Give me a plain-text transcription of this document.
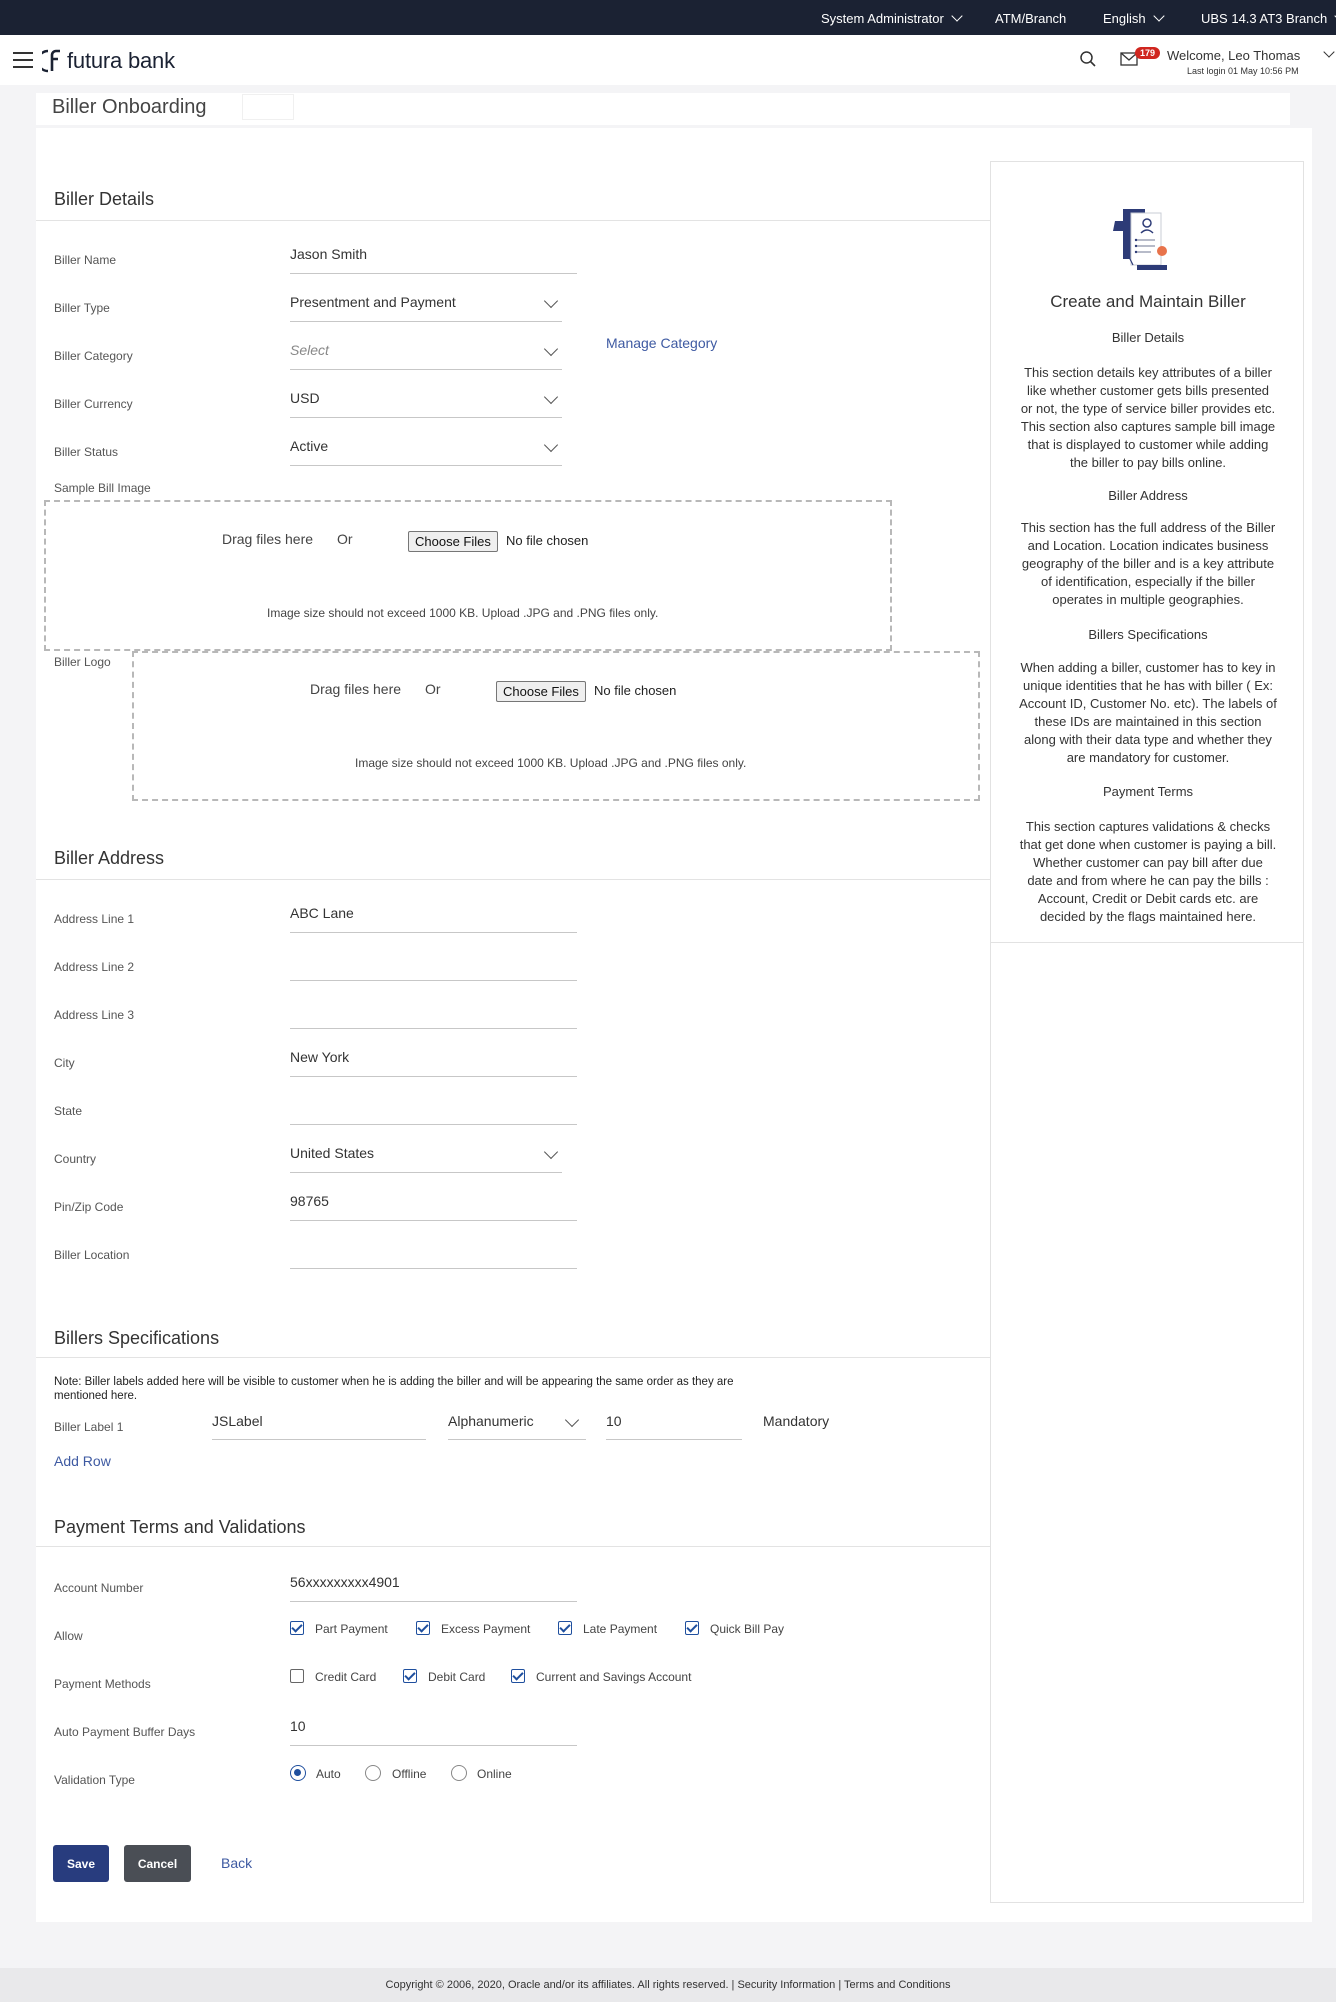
System Administrator	ATM/Branch	English	UBS 14.3 AT3 Branch
futura bank	179 Welcome, Leo Thomas
Last login 01 May 10:56 PM
Biller Onboarding
Biller Details
Biller Name	Jason Smith
Biller Type	Presentment and Payment
Biller Category	Select	Manage Category
Biller Currency	USD
Biller Status	Active
Sample Bill Image
Drag files here Or	Choose Files	No file chosen
Image size should not exceed 1000 KB. Upload .JPG and .PNG files only.
Biller Logo
Drag files here Or	Choose Files	No file chosen
Image size should not exceed 1000 KB. Upload .JPG and .PNG files only.
Biller Address
Address Line 1	ABC Lane
Address Line 2
Address Line 3
City	New York
State
Country	United States
Pin/Zip Code	98765
Biller Location
Billers Specifications
Note: Biller labels added here will be visible to customer when he is adding the biller and will be appearing the same order as they are
mentioned here.
Biller Label 1	JSLabel	Alphanumeric	10	Mandatory
Add Row
Payment Terms and Validations
Account Number	56xxxxxxxxx4901
Allow	Part Payment	Excess Payment	Late Payment	Quick Bill Pay
Payment Methods	Credit Card	Debit Card	Current and Savings Account
Auto Payment Buffer Days	10
Validation Type	Auto	Offline	Online
Save	Cancel	Back
Create and Maintain Biller
Biller Details
This section details key attributes of a biller
like whether customer gets bills presented
or not, the type of service biller provides etc.
This section also captures sample bill image
that is displayed to customer while adding
the biller to pay bills online.
Biller Address
This section has the full address of the Biller
and Location. Location indicates business
geography of the biller and is a key attribute
of identification, especially if the biller
operates in multiple geographies.
Billers Specifications
When adding a biller, customer has to key in
unique identities that he has with biller ( Ex:
Account ID, Customer No. etc). The labels of
these IDs are maintained in this section
along with their data type and whether they
are mandatory for customer.
Payment Terms
This section captures validations & checks
that get done when customer is paying a bill.
Whether customer can pay bill after due
date and from where he can pay the bills :
Account, Credit or Debit cards etc. are
decided by the flags maintained here.
Copyright © 2006, 2020, Oracle and/or its affiliates. All rights reserved. | Security Information | Terms and Conditions
